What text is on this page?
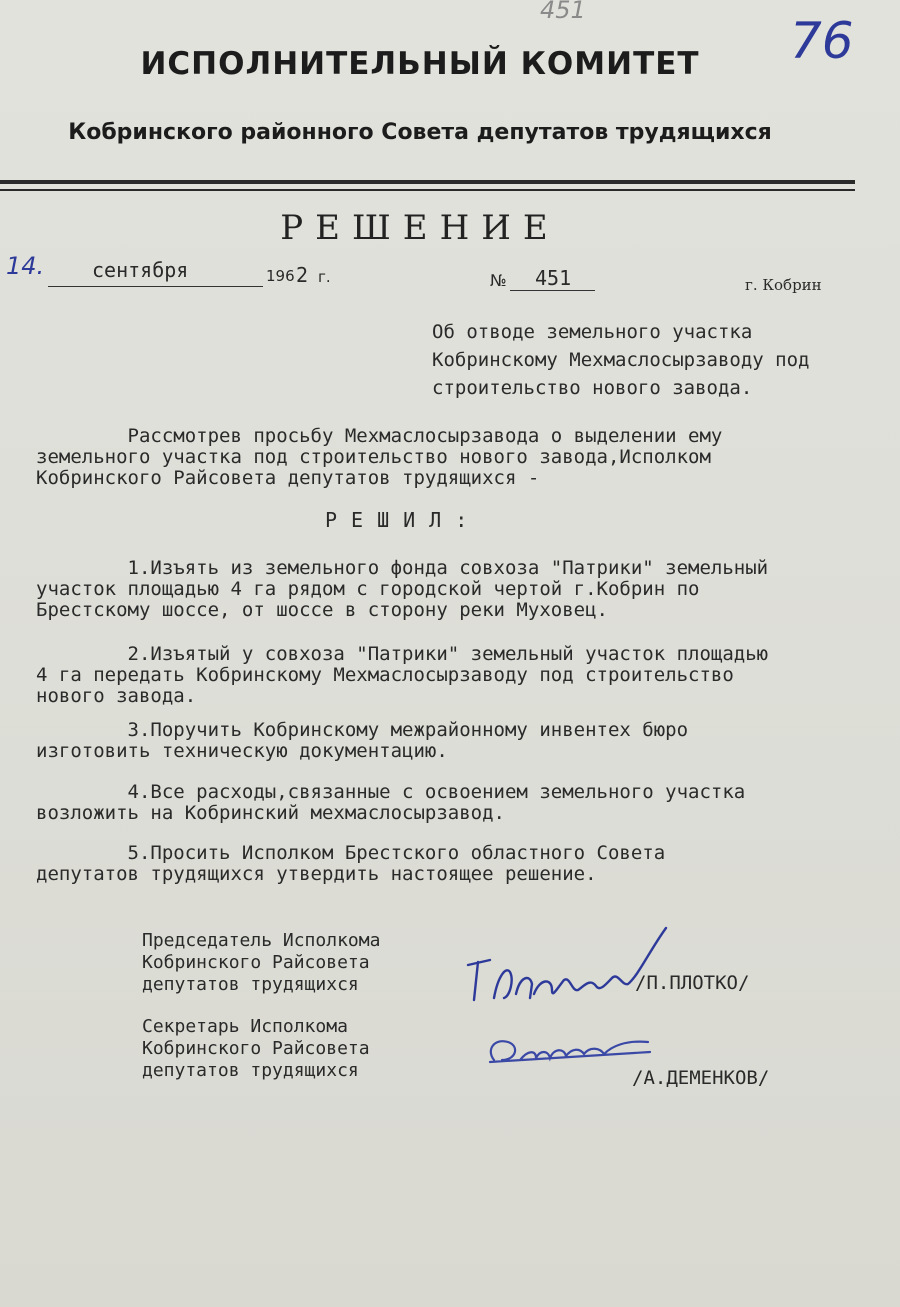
451
76
ИСПОЛНИТЕЛЬНЫЙ КОМИТЕТ
Кобринского районного Совета депутатов трудящихся
РЕШЕНИЕ
14. сентября	196 2 г.	№ 451	г. Кобрин
Об отводе земельного участка
Кобринскому Мехмаслосырзаводу под
строительство нового завода.
Рассмотрев просьбу Мехмаслосырзавода о выделении ему
земельного участка под строительство нового завода,Исполком
Кобринского Райсовета депутатов трудящихся -
РЕШИЛ:
1.Изъять из земельного фонда совхоза "Патрики" земельный
участок площадью 4 га рядом с городской чертой г.Кобрин по
Брестскому шоссе, от шоссе в сторону реки Муховец.
2.Изъятый у совхоза "Патрики" земельный участок площадью
4 га передать Кобринскому Мехмаслосырзаводу под строительство
нового завода.
3.Поручить Кобринскому межрайонному инвентех бюро
изготовить техническую документацию.
4.Все расходы,связанные с освоением земельного участка
возложить на Кобринский мехмаслосырзавод.
5.Просить Исполком Брестского областного Совета
депутатов трудящихся утвердить настоящее решение.
Председатель Исполкома
Кобринского Райсовета
депутатов трудящихся	/П.ПЛОТКО/
Секретарь Исполкома
Кобринского Райсовета
депутатов трудящихся	/А.ДЕМЕНКОВ/
